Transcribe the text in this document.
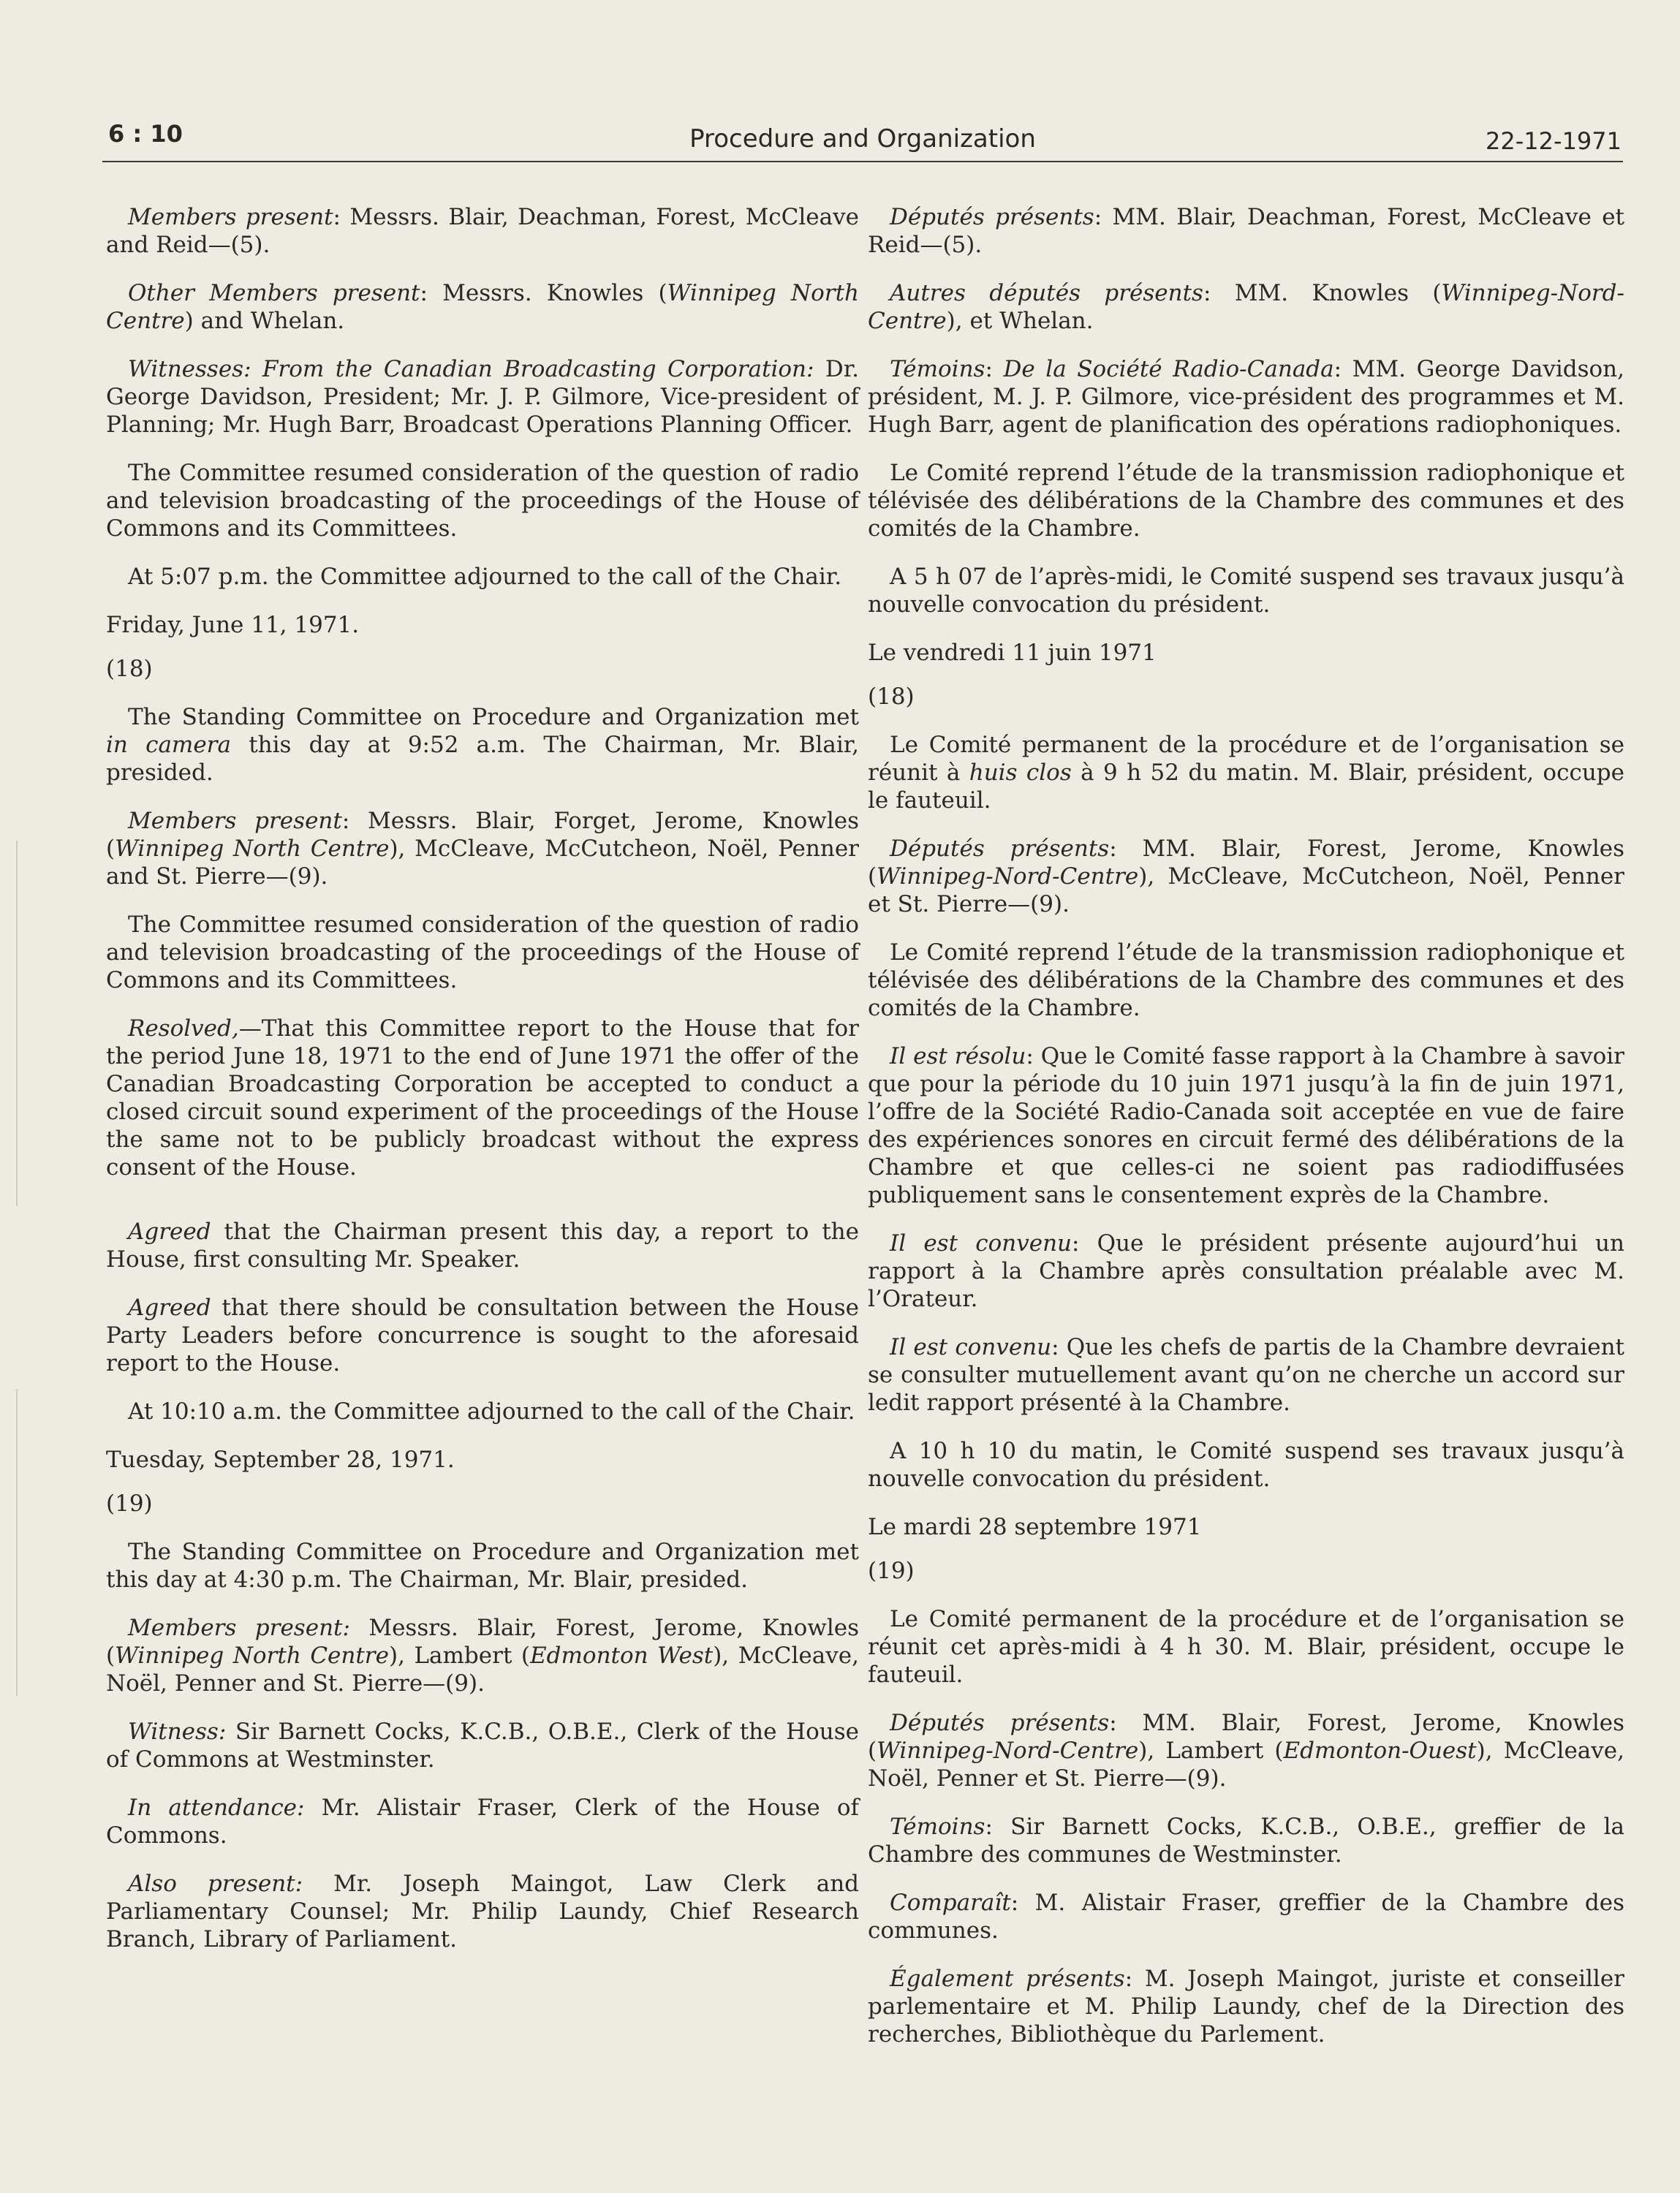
6 : 10	Procedure and Organization	22-12-1971

Members present: Messrs. Blair, Deachman, Forest, McCleave and Reid—(5).

Other Members present: Messrs. Knowles (Winnipeg North Centre) and Whelan.

Witnesses: From the Canadian Broadcasting Corporation: Dr. George Davidson, President; Mr. J. P. Gilmore, Vice-president of Planning; Mr. Hugh Barr, Broadcast Operations Planning Officer.

The Committee resumed consideration of the question of radio and television broadcasting of the proceedings of the House of Commons and its Committees.

At 5:07 p.m. the Committee adjourned to the call of the Chair.

Friday, June 11, 1971.
(18)

The Standing Committee on Procedure and Organization met in camera this day at 9:52 a.m. The Chairman, Mr. Blair, presided.

Members present: Messrs. Blair, Forget, Jerome, Knowles (Winnipeg North Centre), McCleave, McCutcheon, Noël, Penner and St. Pierre—(9).

The Committee resumed consideration of the question of radio and television broadcasting of the proceedings of the House of Commons and its Committees.

Resolved,—That this Committee report to the House that for the period June 18, 1971 to the end of June 1971 the offer of the Canadian Broadcasting Corporation be accepted to conduct a closed circuit sound experiment of the proceedings of the House the same not to be publicly broadcast without the express consent of the House.

Agreed that the Chairman present this day, a report to the House, first consulting Mr. Speaker.

Agreed that there should be consultation between the House Party Leaders before concurrence is sought to the aforesaid report to the House.

At 10:10 a.m. the Committee adjourned to the call of the Chair.

Tuesday, September 28, 1971.
(19)

The Standing Committee on Procedure and Organization met this day at 4:30 p.m. The Chairman, Mr. Blair, presided.

Members present: Messrs. Blair, Forest, Jerome, Knowles (Winnipeg North Centre), Lambert (Edmonton West), McCleave, Noël, Penner and St. Pierre—(9).

Witness: Sir Barnett Cocks, K.C.B., O.B.E., Clerk of the House of Commons at Westminster.

In attendance: Mr. Alistair Fraser, Clerk of the House of Commons.

Also present: Mr. Joseph Maingot, Law Clerk and Parliamentary Counsel; Mr. Philip Laundy, Chief Research Branch, Library of Parliament.

Députés présents: MM. Blair, Deachman, Forest, McCleave et Reid—(5).

Autres députés présents: MM. Knowles (Winnipeg-Nord-Centre), et Whelan.

Témoins: De la Société Radio-Canada: MM. George Davidson, président, M. J. P. Gilmore, vice-président des programmes et M. Hugh Barr, agent de planification des opérations radiophoniques.

Le Comité reprend l’étude de la transmission radiophonique et télévisée des délibérations de la Chambre des communes et des comités de la Chambre.

A 5 h 07 de l’après-midi, le Comité suspend ses travaux jusqu’à nouvelle convocation du président.

Le vendredi 11 juin 1971
(18)

Le Comité permanent de la procédure et de l’organisation se réunit à huis clos à 9 h 52 du matin. M. Blair, président, occupe le fauteuil.

Députés présents: MM. Blair, Forest, Jerome, Knowles (Winnipeg-Nord-Centre), McCleave, McCutcheon, Noël, Penner et St. Pierre—(9).

Le Comité reprend l’étude de la transmission radiophonique et télévisée des délibérations de la Chambre des communes et des comités de la Chambre.

Il est résolu: Que le Comité fasse rapport à la Chambre à savoir que pour la période du 10 juin 1971 jusqu’à la fin de juin 1971, l’offre de la Société Radio-Canada soit acceptée en vue de faire des expériences sonores en circuit fermé des délibérations de la Chambre et que celles-ci ne soient pas radiodiffusées publiquement sans le consentement exprès de la Chambre.

Il est convenu: Que le président présente aujourd’hui un rapport à la Chambre après consultation préalable avec M. l’Orateur.

Il est convenu: Que les chefs de partis de la Chambre devraient se consulter mutuellement avant qu’on ne cherche un accord sur ledit rapport présenté à la Chambre.

A 10 h 10 du matin, le Comité suspend ses travaux jusqu’à nouvelle convocation du président.

Le mardi 28 septembre 1971
(19)

Le Comité permanent de la procédure et de l’organisation se réunit cet après-midi à 4 h 30. M. Blair, président, occupe le fauteuil.

Députés présents: MM. Blair, Forest, Jerome, Knowles (Winnipeg-Nord-Centre), Lambert (Edmonton-Ouest), McCleave, Noël, Penner et St. Pierre—(9).

Témoins: Sir Barnett Cocks, K.C.B., O.B.E., greffier de la Chambre des communes de Westminster.

Comparaît: M. Alistair Fraser, greffier de la Chambre des communes.

Également présents: M. Joseph Maingot, juriste et conseiller parlementaire et M. Philip Laundy, chef de la Direction des recherches, Bibliothèque du Parlement.
